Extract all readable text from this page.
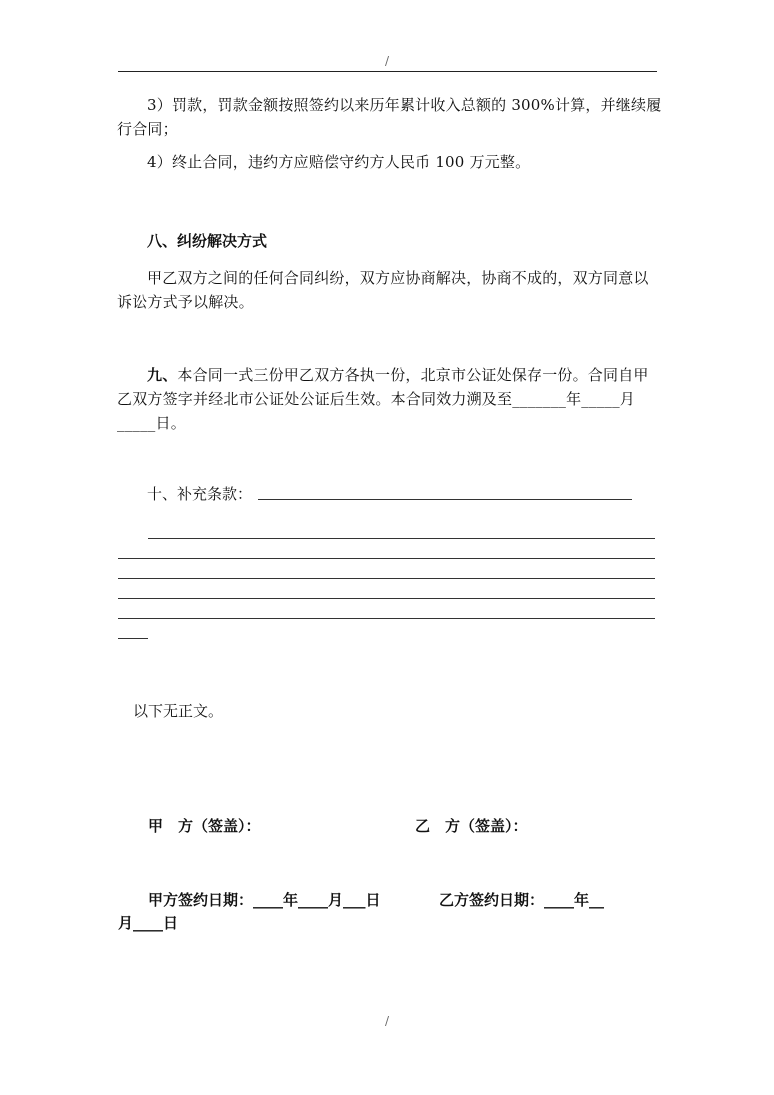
/
3）罚款，罚款金额按照签约以来历年累计收入总额的 300%计算，并继续履行合同；
4）终止合同，违约方应赔偿守约方人民币 100 万元整。
八、纠纷解决方式
甲乙双方之间的任何合同纠纷，双方应协商解决，协商不成的，双方同意以诉讼方式予以解决。
九、本合同一式三份甲乙双方各执一份，北京市公证处保存一份。合同自甲乙双方签字并经北市公证处公证后生效。本合同效力溯及至_______年_____月_____日。
十、补充条款：
以下无正文。
甲　方（签盖）：	乙　方（签盖）：
甲方签约日期：____年____月___日	乙方签约日期：____年__
月____日
/
